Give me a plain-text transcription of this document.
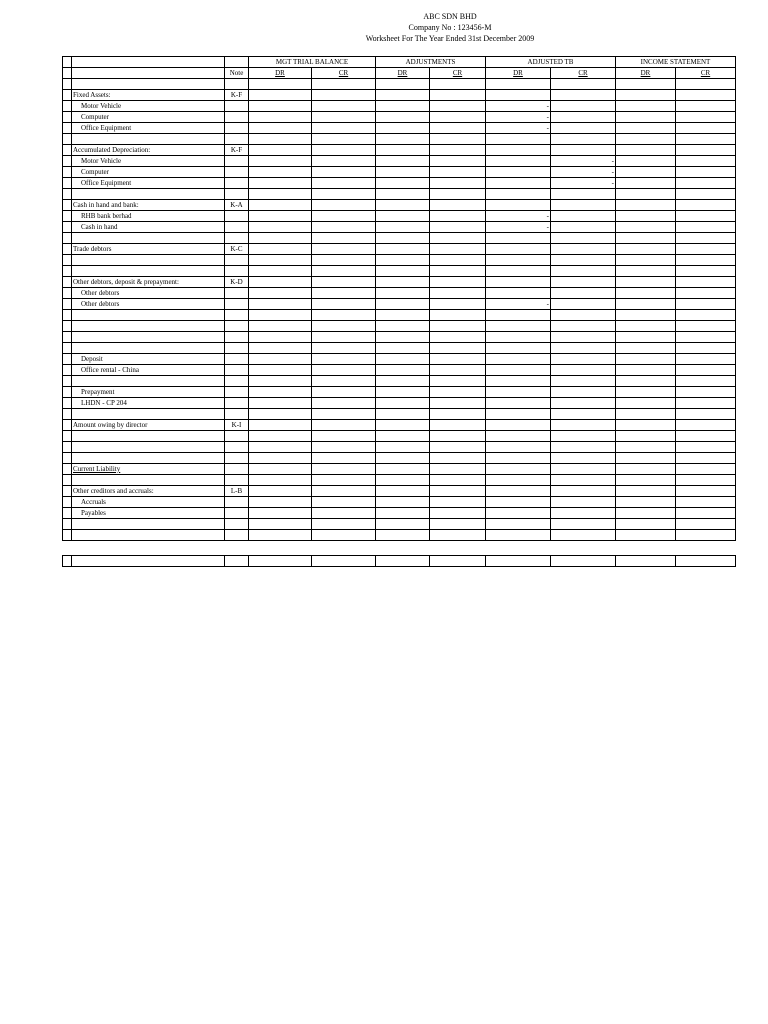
ABC SDN BHD
Company No : 123456-M
Worksheet For The Year Ended 31st December 2009
			MGT TRIAL BALANCE		ADJUSTMENTS		ADJUSTED TB		INCOME STATEMENT	
		Note	DR	CR	DR	CR	DR	CR	DR	CR

	Fixed Assets:	K-F								
	Motor Vehicle						-			
	Computer						-			
	Office Equipment						-			

	Accumulated Depreciation:	K-F								
	Motor Vehicle							-		
	Computer							-		
	Office Equipment							-		

	Cash in hand and bank:	K-A								
	RHB bank berhad						-			
	Cash in hand						-			

	Trade debtors	K-C								

	Other debtors, deposit & prepayment:	K-D								
	Other debtors									
	Other debtors						-			

	Deposit									
	Office rental - China									

	Prepayment									
	LHDN - CP 204									

	Amount owing by director	K-I								

	Current Liability									

	Other creditors and accruals:	L-B								
	Accruals									
	Payables									
